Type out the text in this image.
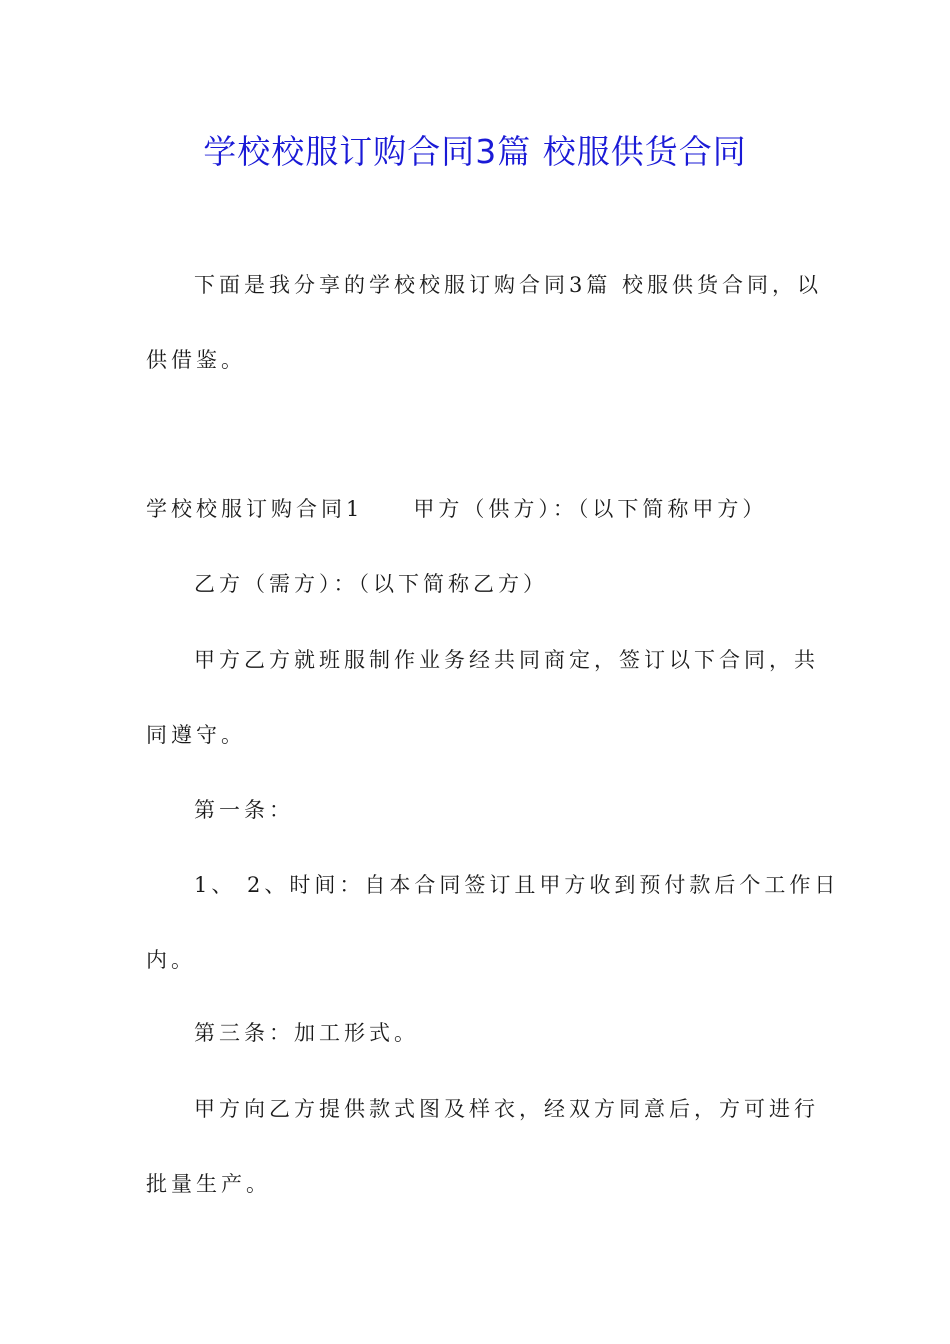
学校校服订购合同3篇 校服供货合同
下面是我分享的学校校服订购合同3篇 校服供货合同，以
供借鉴。
学校校服订购合同1　　甲方（供方）：（以下简称甲方）
乙方（需方）：（以下简称乙方）
甲方乙方就班服制作业务经共同商定，签订以下合同，共
同遵守。
第一条：
1、 2、时间：自本合同签订且甲方收到预付款后个工作日
内。
第三条：加工形式。
甲方向乙方提供款式图及样衣，经双方同意后，方可进行
批量生产。
